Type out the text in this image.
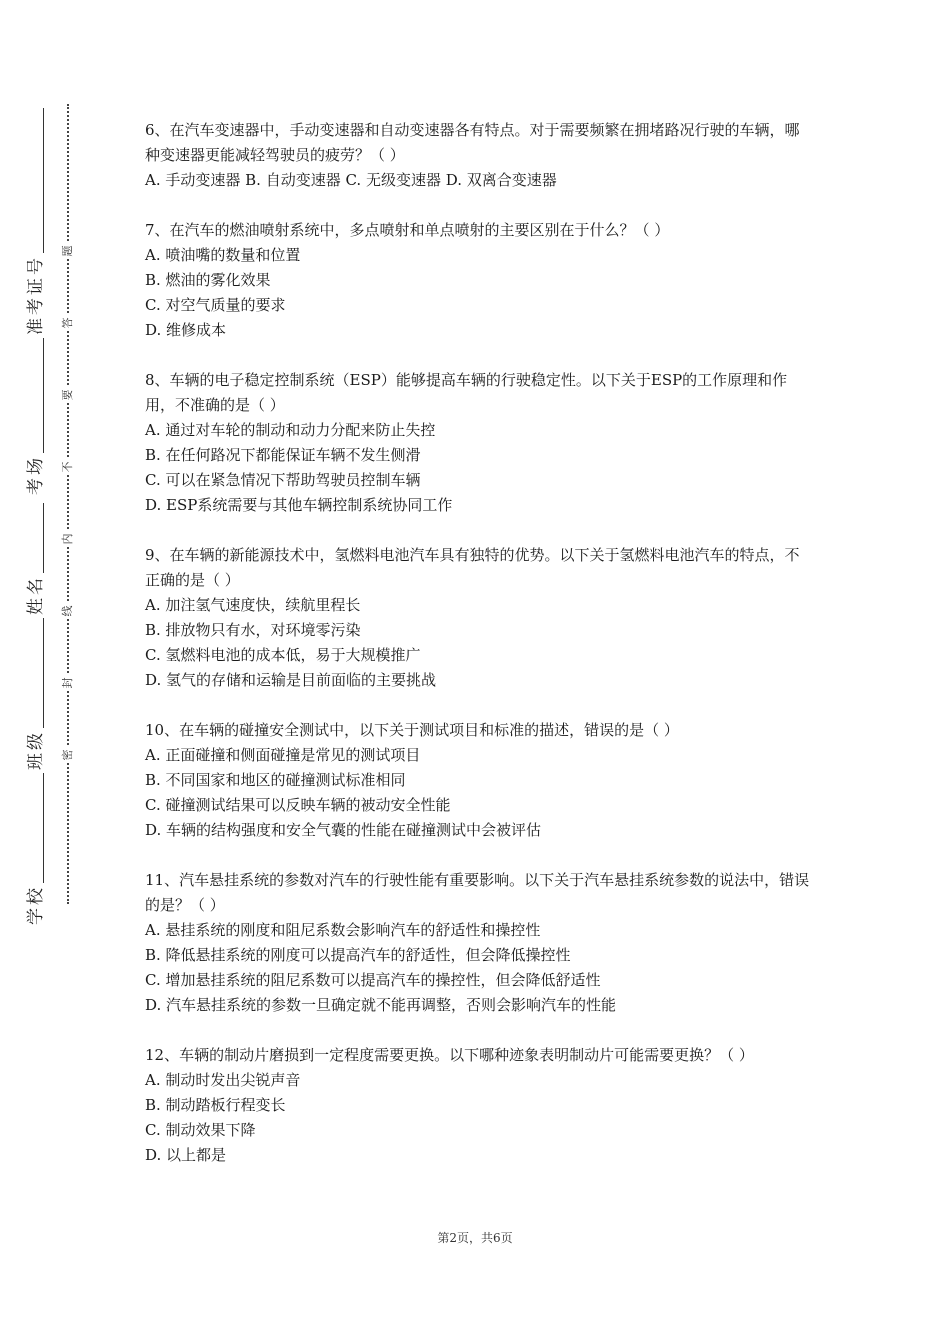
准考证号
考场
姓名
班级
学校
密
封
线
内
不
要
答
题

6、在汽车变速器中，手动变速器和自动变速器各有特点。对于需要频繁在拥堵路况行驶的车辆，哪种变速器更能减轻驾驶员的疲劳？（ ）

A. 手动变速器 B. 自动变速器 C. 无级变速器 D. 双离合变速器

7、在汽车的燃油喷射系统中，多点喷射和单点喷射的主要区别在于什么？（ ）

A. 喷油嘴的数量和位置

B. 燃油的雾化效果

C. 对空气质量的要求

D. 维修成本

8、车辆的电子稳定控制系统（ESP）能够提高车辆的行驶稳定性。以下关于ESP的工作原理和作用，不准确的是（ ）

A. 通过对车轮的制动和动力分配来防止失控

B. 在任何路况下都能保证车辆不发生侧滑

C. 可以在紧急情况下帮助驾驶员控制车辆

D. ESP系统需要与其他车辆控制系统协同工作

9、在车辆的新能源技术中，氢燃料电池汽车具有独特的优势。以下关于氢燃料电池汽车的特点，不正确的是（ ）

A. 加注氢气速度快，续航里程长

B. 排放物只有水，对环境零污染

C. 氢燃料电池的成本低，易于大规模推广

D. 氢气的存储和运输是目前面临的主要挑战

10、在车辆的碰撞安全测试中，以下关于测试项目和标准的描述，错误的是（ ）

A. 正面碰撞和侧面碰撞是常见的测试项目

B. 不同国家和地区的碰撞测试标准相同

C. 碰撞测试结果可以反映车辆的被动安全性能

D. 车辆的结构强度和安全气囊的性能在碰撞测试中会被评估

11、汽车悬挂系统的参数对汽车的行驶性能有重要影响。以下关于汽车悬挂系统参数的说法中，错误的是？（ ）

A. 悬挂系统的刚度和阻尼系数会影响汽车的舒适性和操控性

B. 降低悬挂系统的刚度可以提高汽车的舒适性，但会降低操控性

C. 增加悬挂系统的阻尼系数可以提高汽车的操控性，但会降低舒适性

D. 汽车悬挂系统的参数一旦确定就不能再调整，否则会影响汽车的性能

12、车辆的制动片磨损到一定程度需要更换。以下哪种迹象表明制动片可能需要更换？（ ）

A. 制动时发出尖锐声音

B. 制动踏板行程变长

C. 制动效果下降

D. 以上都是

第2页，共6页
